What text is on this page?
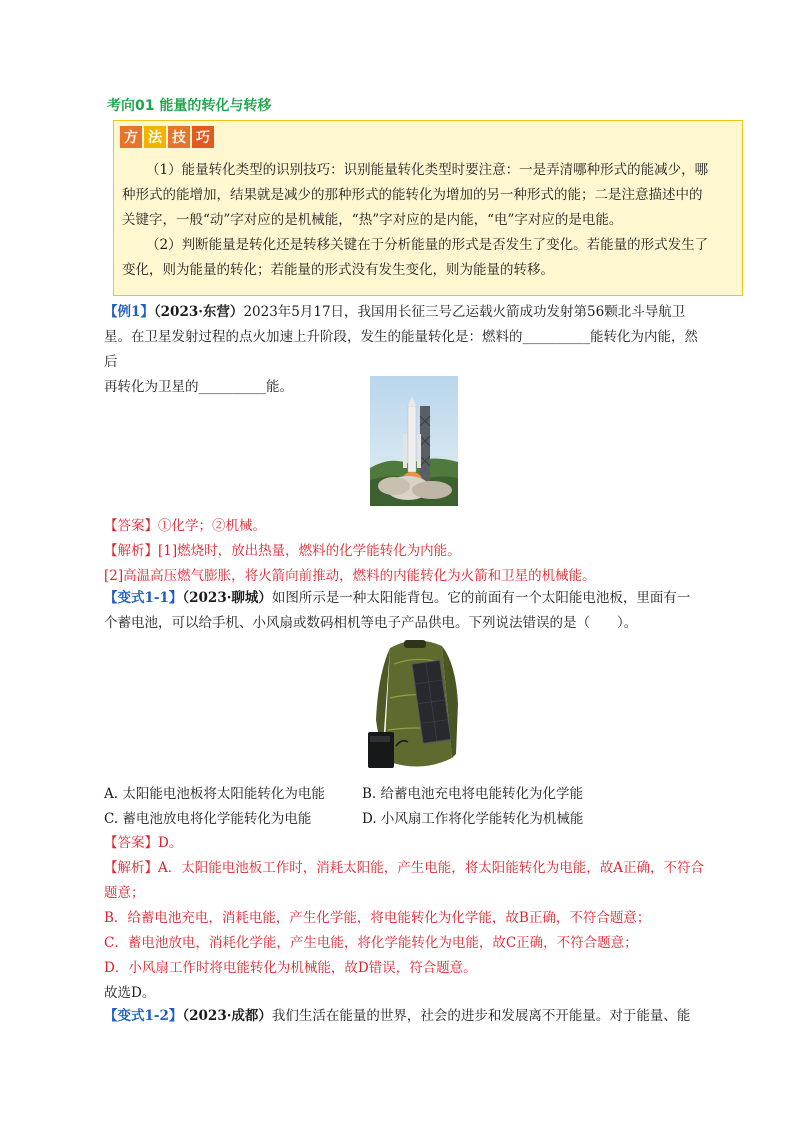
考向01 能量的转化与转移
方 法 技 巧
（1）能量转化类型的识别技巧：识别能量转化类型时要注意：一是弄清哪种形式的能减少，哪
种形式的能增加，结果就是减少的那种形式的能转化为增加的另一种形式的能；二是注意描述中的
关键字，一般“动”字对应的是机械能，“热”字对应的是内能，“电”字对应的是电能。
（2）判断能量是转化还是转移关键在于分析能量的形式是否发生了变化。若能量的形式发生了
变化，则为能量的转化；若能量的形式没有发生变化，则为能量的转移。
【例1】（2023·东营）2023年5月17日，我国用长征三号乙运载火箭成功发射第56颗北斗导航卫
星。在卫星发射过程的点火加速上升阶段，发生的能量转化是：燃料的__________能转化为内能，然后
再转化为卫星的__________能。
【答案】①化学；②机械。
【解析】[1]燃烧时，放出热量，燃料的化学能转化为内能。
[2]高温高压燃气膨胀，将火箭向前推动，燃料的内能转化为火箭和卫星的机械能。
【变式1-1】（2023·聊城）如图所示是一种太阳能背包。它的前面有一个太阳能电池板，里面有一
个蓄电池，可以给手机、小风扇或数码相机等电子产品供电。下列说法错误的是（　　）。
A. 太阳能电池板将太阳能转化为电能	B. 给蓄电池充电将电能转化为化学能
C. 蓄电池放电将化学能转化为电能	D. 小风扇工作将化学能转化为机械能
【答案】D。
【解析】A．太阳能电池板工作时，消耗太阳能，产生电能，将太阳能转化为电能，故A正确，不符合
题意；
B．给蓄电池充电，消耗电能，产生化学能，将电能转化为化学能，故B正确，不符合题意；
C．蓄电池放电，消耗化学能，产生电能，将化学能转化为电能，故C正确，不符合题意；
D．小风扇工作时将电能转化为机械能，故D错误，符合题意。
故选D。
【变式1-2】（2023·成都）我们生活在能量的世界，社会的进步和发展离不开能量。对于能量、能
